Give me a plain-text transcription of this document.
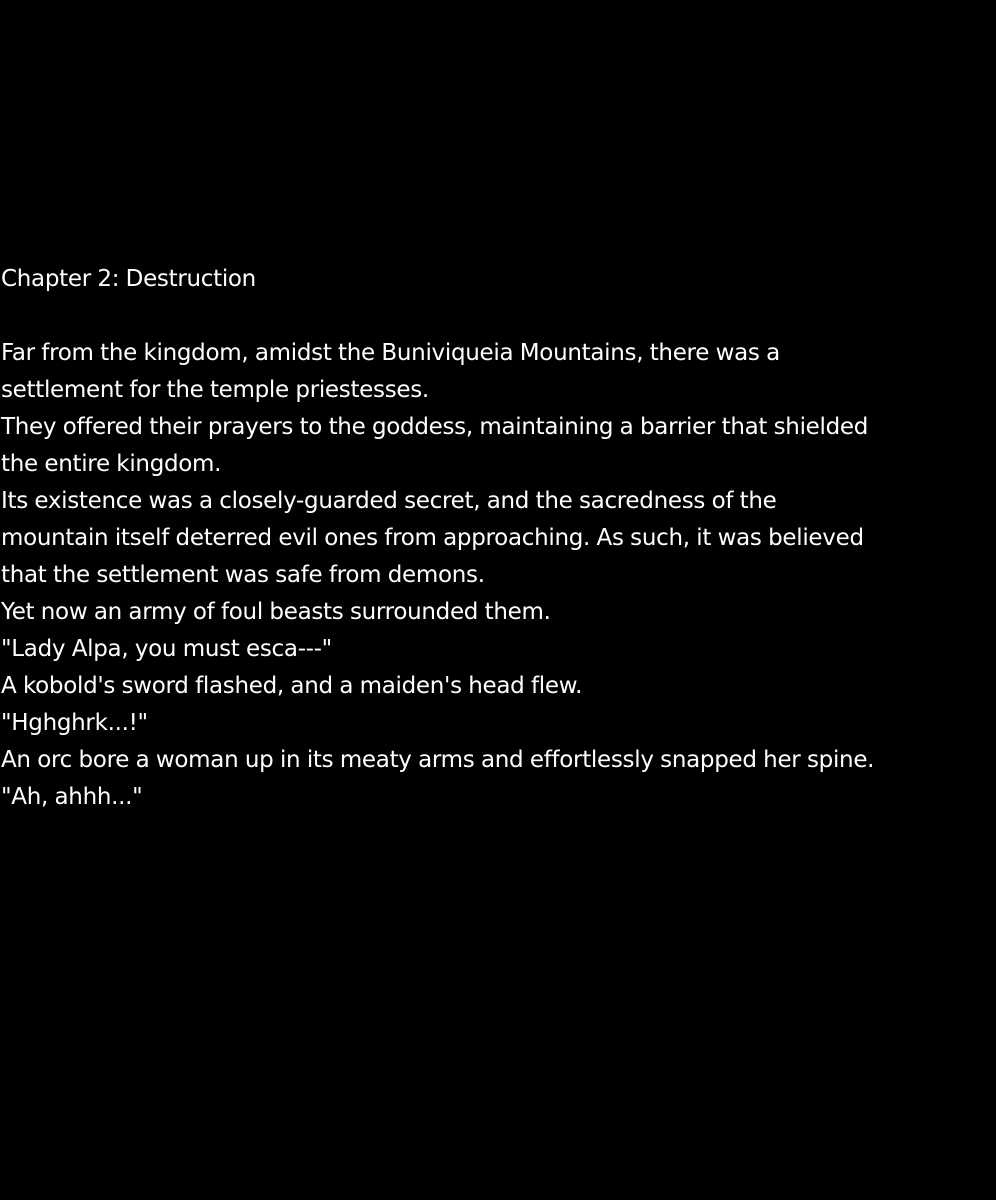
Chapter 2: Destruction
Far from the kingdom, amidst the Buniviqueia Mountains, there was a
settlement for the temple priestesses.
They offered their prayers to the goddess, maintaining a barrier that shielded
the entire kingdom.
Its existence was a closely-guarded secret, and the sacredness of the
mountain itself deterred evil ones from approaching. As such, it was believed
that the settlement was safe from demons.
Yet now an army of foul beasts surrounded them.
"Lady Alpa, you must esca---"
A kobold's sword flashed, and a maiden's head flew.
"Hghghrk...!"
An orc bore a woman up in its meaty arms and effortlessly snapped her spine.
"Ah, ahhh..."
